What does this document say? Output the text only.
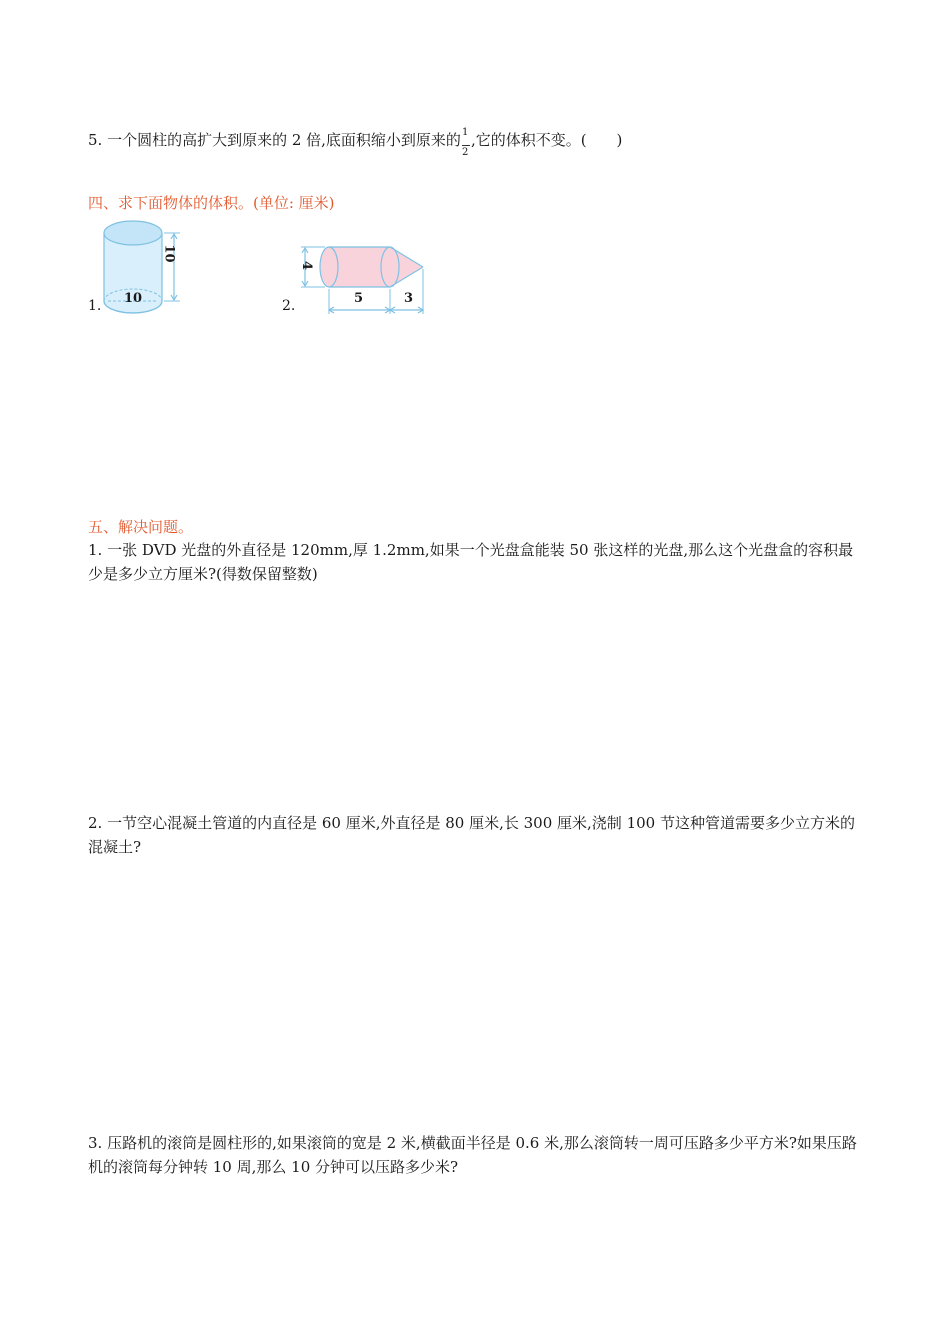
5. 一个圆柱的高扩大到原来的 2 倍,底面积缩小到原来的
$\frac{1}{2}$
,它的体积不变。(　　)
四、求下面物体的体积。(单位: 厘米)
1.
10
10	2.
4
5	3
五、解决问题。
1. 一张 DVD 光盘的外直径是 120mm,厚 1.2mm,如果一个光盘盒能装 50 张这样的光盘,那么这个光盘盒的容积最少是多少立方厘米?(得数保留整数)
2. 一节空心混凝土管道的内直径是 60 厘米,外直径是 80 厘米,长 300 厘米,浇制 100 节这种管道需要多少立方米的混凝土?
3. 压路机的滚筒是圆柱形的,如果滚筒的宽是 2 米,横截面半径是 0.6 米,那么滚筒转一周可压路多少平方米?如果压路机的滚筒每分钟转 10 周,那么 10 分钟可以压路多少米?
